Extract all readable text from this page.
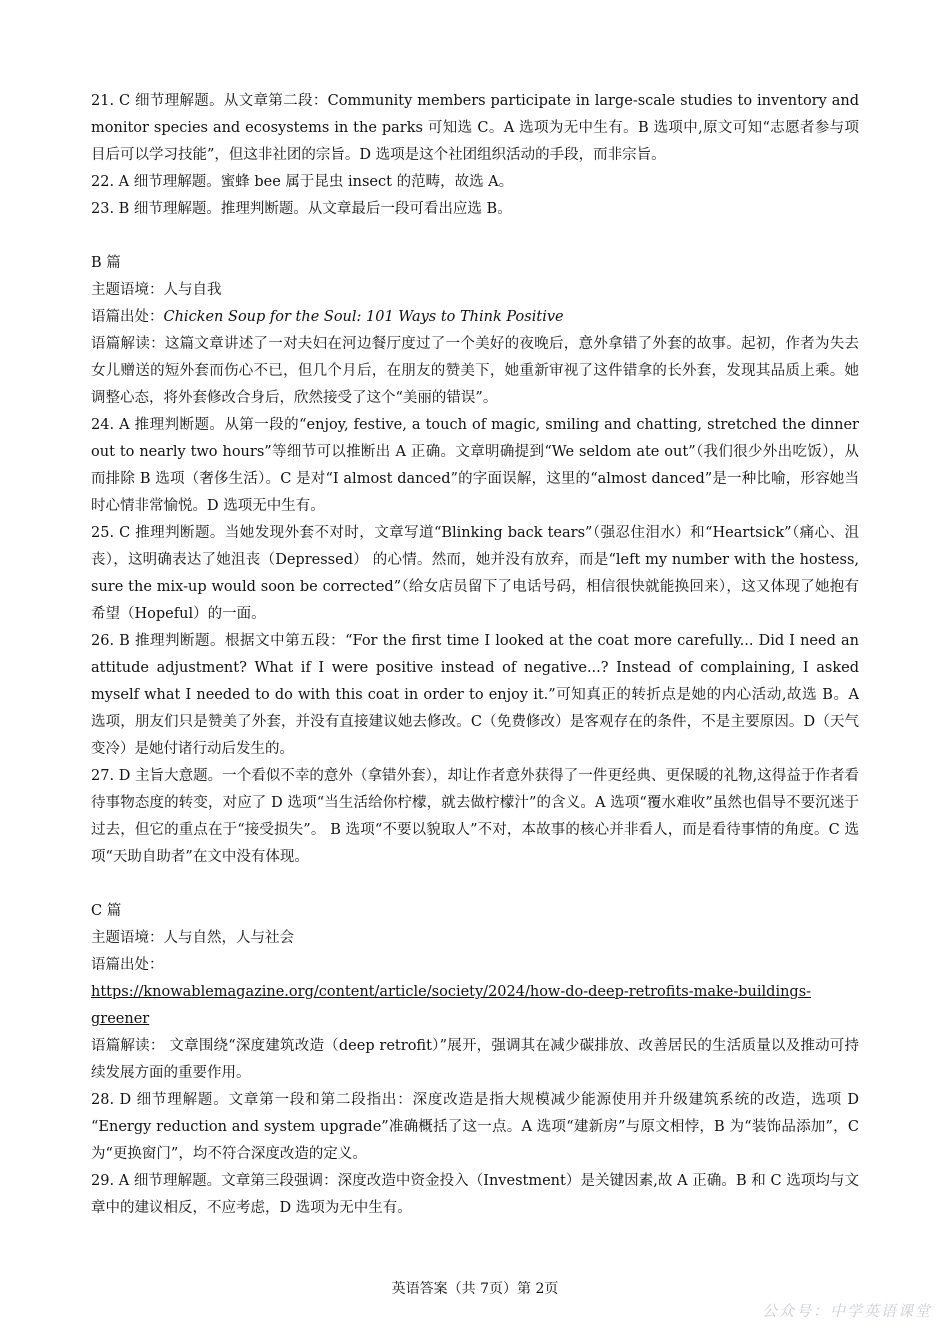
21. C 细节理解题。从文章第二段：Community members participate in large-scale studies to inventory and monitor species and ecosystems in the parks 可知选 C。A 选项为无中生有。B 选项中,原文可知“志愿者参与项目后可以学习技能”，但这非社团的宗旨。D 选项是这个社团组织活动的手段，而非宗旨。

22. A 细节理解题。蜜蜂 bee 属于昆虫 insect 的范畴，故选 A。

23. B 细节理解题。推理判断题。从文章最后一段可看出应选 B。

B 篇

主题语境：人与自我

语篇出处：Chicken Soup for the Soul: 101 Ways to Think Positive

语篇解读：这篇文章讲述了一对夫妇在河边餐厅度过了一个美好的夜晚后，意外拿错了外套的故事。起初，作者为失去女儿赠送的短外套而伤心不已，但几个月后，在朋友的赞美下，她重新审视了这件错拿的长外套，发现其品质上乘。她调整心态，将外套修改合身后，欣然接受了这个“美丽的错误”。

24. A 推理判断题。从第一段的“enjoy, festive, a touch of magic, smiling and chatting, stretched the dinner out to nearly two hours”等细节可以推断出 A 正确。文章明确提到“We seldom ate out”（我们很少外出吃饭），从而排除 B 选项（奢侈生活）。C 是对“I almost danced”的字面误解，这里的“almost danced”是一种比喻，形容她当时心情非常愉悦。D 选项无中生有。

25. C 推理判断题。当她发现外套不对时，文章写道“Blinking back tears”（强忍住泪水）和“Heartsick”（痛心、沮丧），这明确表达了她沮丧（Depressed） 的心情。然而，她并没有放弃，而是“left my number with the hostess, sure the mix-up would soon be corrected”（给女店员留下了电话号码，相信很快就能换回来），这又体现了她抱有希望（Hopeful）的一面。

26. B 推理判断题。根据文中第五段：“For the first time I looked at the coat more carefully... Did I need an attitude adjustment? What if I were positive instead of negative...? Instead of complaining, I asked myself what I needed to do with this coat in order to enjoy it.”可知真正的转折点是她的内心活动,故选 B。A 选项，朋友们只是赞美了外套，并没有直接建议她去修改。C（免费修改）是客观存在的条件，不是主要原因。D（天气变冷）是她付诸行动后发生的。

27. D 主旨大意题。一个看似不幸的意外（拿错外套），却让作者意外获得了一件更经典、更保暖的礼物,这得益于作者看待事物态度的转变，对应了 D 选项“当生活给你柠檬，就去做柠檬汁”的含义。A 选项“覆水难收”虽然也倡导不要沉迷于过去，但它的重点在于“接受损失”。 B 选项“不要以貌取人”不对，本故事的核心并非看人，而是看待事情的角度。C 选项“天助自助者”在文中没有体现。

C 篇

主题语境：人与自然，人与社会

语篇出处：

https://knowablemagazine.org/content/article/society/2024/how-do-deep-retrofits-make-buildings-greener

语篇解读： 文章围绕“深度建筑改造（deep retrofit）”展开，强调其在减少碳排放、改善居民的生活质量以及推动可持续发展方面的重要作用。

28. D 细节理解题。文章第一段和第二段指出：深度改造是指大规模减少能源使用并升级建筑系统的改造，选项 D “Energy reduction and system upgrade”准确概括了这一点。A 选项“建新房”与原文相悖，B 为“装饰品添加”，C 为“更换窗门”，均不符合深度改造的定义。

29. A 细节理解题。文章第三段强调：深度改造中资金投入（Investment）是关键因素,故 A 正确。B 和 C 选项均与文章中的建议相反，不应考虑，D 选项为无中生有。

英语答案（共 7页）第 2页
公众号：中学英语课堂
